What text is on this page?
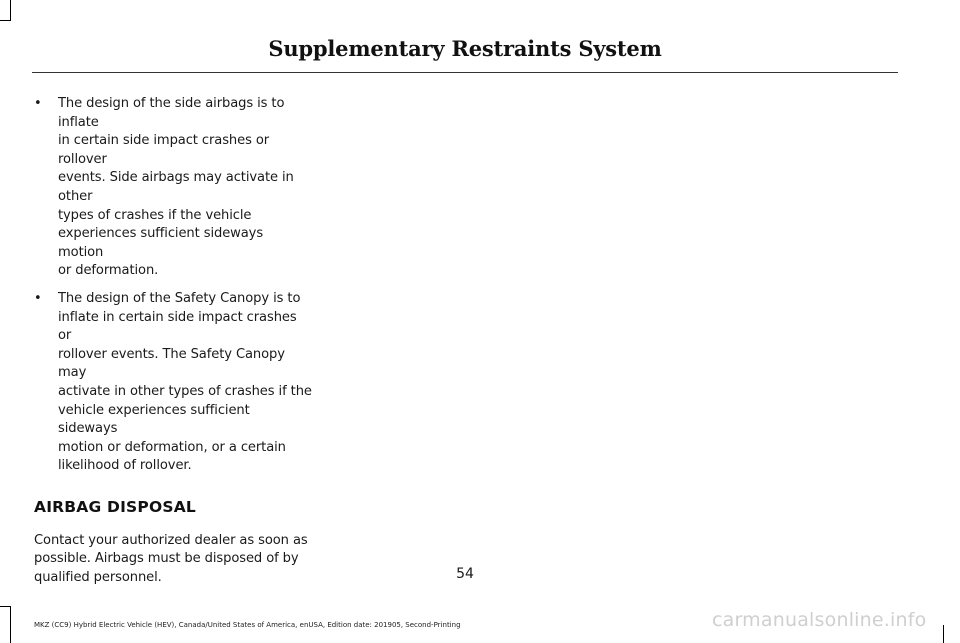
Supplementary Restraints System
• The design of the side airbags is to inflate
in certain side impact crashes or rollover
events. Side airbags may activate in other
types of crashes if the vehicle
experiences sufficient sideways motion
or deformation.
• The design of the Safety Canopy is to
inflate in certain side impact crashes or
rollover events. The Safety Canopy may
activate in other types of crashes if the
vehicle experiences sufficient sideways
motion or deformation, or a certain
likelihood of rollover.
AIRBAG DISPOSAL

Contact your authorized dealer as soon as
possible. Airbags must be disposed of by
qualified personnel.	54
MKZ (CC9) Hybrid Electric Vehicle (HEV), Canada/United States of America, enUSA, Edition date: 201905, Second-Printing	carmanualsonline.info
